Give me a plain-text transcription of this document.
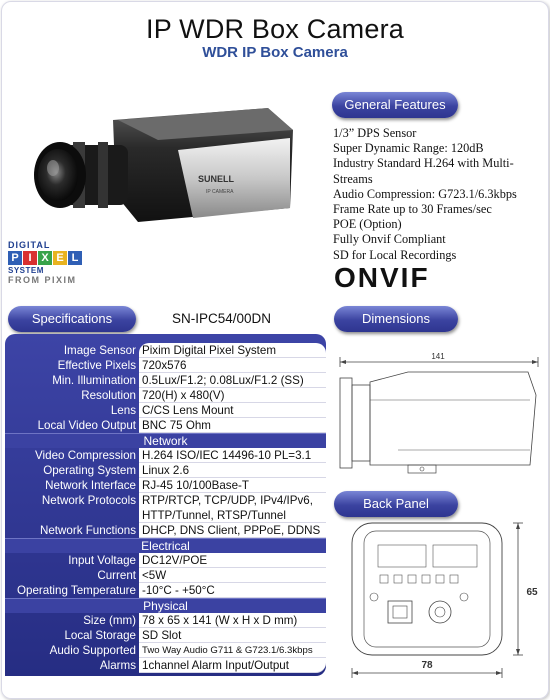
IP WDR Box Camera
WDR IP Box Camera
SUNELL
IP CAMERA
DIGITAL
P I X E L
SYSTEM
FROM PIXIM
General Features
1/3” DPS Sensor
Super Dynamic Range: 120dB
Industry Standard H.264 with Multi-
Streams
Audio Compression: G723.1/6.3kbps
Frame Rate up to 30 Frames/sec
POE (Option)
Fully Onvif Compliant
SD for Local Recordings
ONVIF
Specifications	SN-IPC54/00DN
Image Sensor Pixim Digital Pixel System
Effective Pixels 720x576
Min. Illumination 0.5Lux/F1.2; 0.08Lux/F1.2 (SS)
Resolution 720(H) x 480(V)
Lens C/CS Lens Mount
Local Video Output BNC 75 Ohm
Network
Video Compression H.264 ISO/IEC 14496-10 PL=3.1
Operating System Linux 2.6
Network Interface RJ-45 10/100Base-T
Network Protocols RTP/RTCP, TCP/UDP, IPv4/IPv6,
HTTP/Tunnel, RTSP/Tunnel
Network Functions DHCP, DNS Client, PPPoE, DDNS
Electrical
Input Voltage DC12V/POE
Current <5W
Operating Temperature -10°C - +50°C
Physical
Size (mm) 78 x 65 x 141 (W x H x D mm)
Local Storage SD Slot
Audio Supported Two Way Audio G711 & G723.1/6.3kbps
Alarms 1channel Alarm Input/Output
Dimensions
141
Back Panel
65
78
